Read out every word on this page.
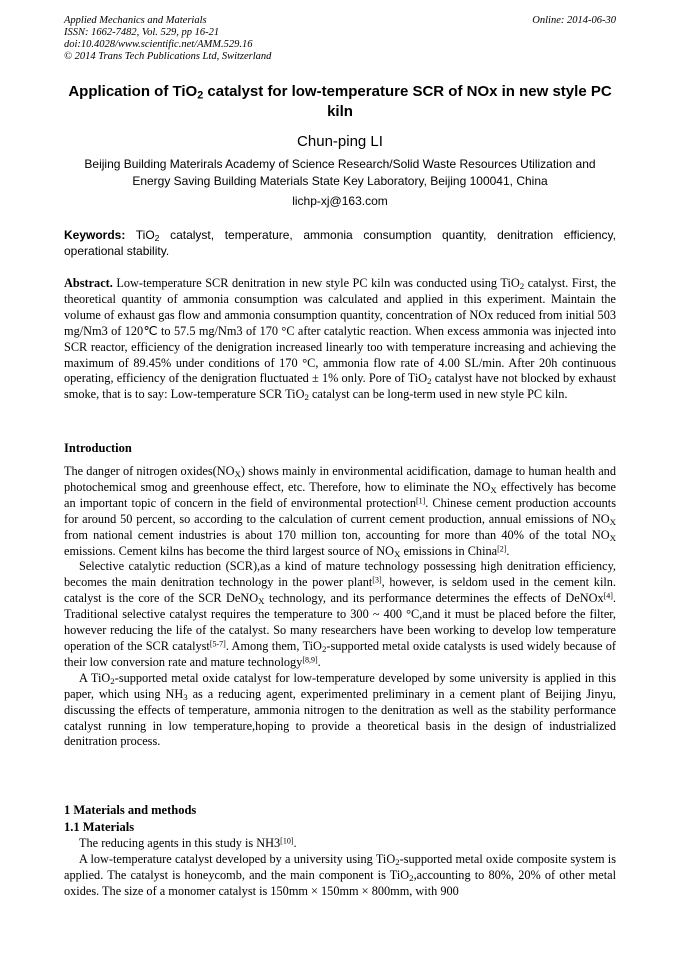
Applied Mechanics and Materials
ISSN: 1662-7482, Vol. 529, pp 16-21
doi:10.4028/www.scientific.net/AMM.529.16
© 2014 Trans Tech Publications Ltd, Switzerland
Online: 2014-06-30
Application of TiO$_2$ catalyst for low-temperature SCR of NOx in new style PC kiln
Chun-ping LI
Beijing Building Materirals Academy of Science Research/Solid Waste Resources Utilization and Energy Saving Building Materials State Key Laboratory, Beijing 100041, China
lichp-xj@163.com
Keywords: TiO$_2$ catalyst, temperature, ammonia consumption quantity, denitration efficiency, operational stability.
Abstract. Low-temperature SCR denitration in new style PC kiln was conducted using TiO$_2$ catalyst. First, the theoretical quantity of ammonia consumption was calculated and applied in this experiment. Maintain the volume of exhaust gas flow and ammonia consumption quantity, concentration of NOx reduced from initial 503 mg/Nm3 of 120℃ to 57.5 mg/Nm3 of 170 °C after catalytic reaction. When excess ammonia was injected into SCR reactor, efficiency of the denigration increased linearly too with temperature increasing and achieving the maximum of 89.45% under conditions of 170 °C, ammonia flow rate of 4.00 SL/min. After 20h continuous operating, efficiency of the denigration fluctuated ± 1% only. Pore of TiO$_2$ catalyst have not blocked by exhaust smoke, that is to say: Low-temperature SCR TiO$_2$ catalyst can be long-term used in new style PC kiln.
Introduction

The danger of nitrogen $oxides(NO_X)$ shows mainly in environmental acidification, damage to human health and photochemical smog and greenhouse effect, etc. Therefore, how to eliminate the $NO_X$ effectively has become an important topic of concern in the field of environmental protection[1]. Chinese cement production accounts for around 50 percent, so according to the calculation of current cement production, annual emissions of $NO_X$ from national cement industries is about 170 million ton, accounting for more than 40% of the total $NO_X$ emissions. Cement kilns has become the third largest source of $NO_X$ emissions in China[2].

Selective catalytic reduction (SCR),as a kind of mature technology possessing high denitration efficiency, becomes the main denitration technology in the power plant[3], however, is seldom used in the cement kiln. catalyst is the core of the SCR DeNO$_X$ technology, and its performance determines the effects of DeNOx[4]. Traditional selective catalyst requires the temperature to 300 ~ 400 °C,and it must be placed before the filter, however reducing the life of the catalyst. So many researchers have been working to develop low temperature operation of the SCR catalyst[5-7]. Among them, TiO$_2$-supported metal oxide catalysts is used widely because of their low conversion rate and mature technology[8,9].

A TiO$_2$-supported metal oxide catalyst for low-temperature developed by some university is applied in this paper, which using $NH_3$ as a reducing agent, experimented preliminary in a cement plant of Beijing Jinyu, discussing the effects of temperature, ammonia nitrogen to the denitration as well as the stability performance catalyst running in low temperature,hoping to provide a theoretical basis in the design of industrialized denitration process.

1 Materials and methods
1.1 Materials

The reducing agents in this study is NH3[10].

A low-temperature catalyst developed by a university using TiO$_2$-supported metal oxide composite system is applied. The catalyst is honeycomb, and the main component is TiO$_2$,accounting to 80%, 20% of other metal oxides. The size of a monomer catalyst is 150mm × 150mm × 800mm, with 900
